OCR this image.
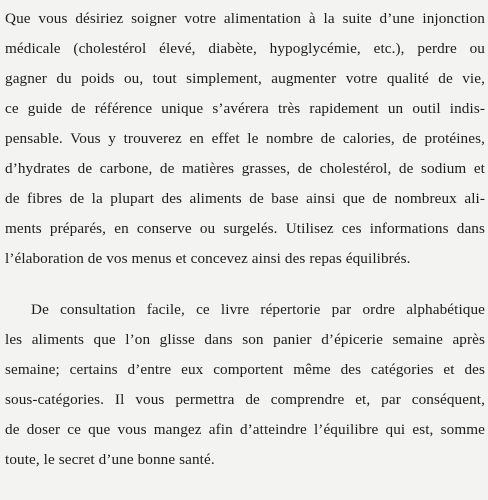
Que vous désiriez soigner votre alimentation à la suite d’une injonction
médicale (cholestérol élevé, diabète, hypoglycémie, etc.), perdre ou
gagner du poids ou, tout simplement, augmenter votre qualité de vie,
ce guide de référence unique s’avérera très rapidement un outil indis-
pensable. Vous y trouverez en effet le nombre de calories, de protéines,
d’hydrates de carbone, de matières grasses, de cholestérol, de sodium et
de fibres de la plupart des aliments de base ainsi que de nombreux ali-
ments préparés, en conserve ou surgelés. Utilisez ces informations dans
l’élaboration de vos menus et concevez ainsi des repas équilibrés.
De consultation facile, ce livre répertorie par ordre alphabétique
les aliments que l’on glisse dans son panier d’épicerie semaine après
semaine; certains d’entre eux comportent même des catégories et des
sous-catégories. Il vous permettra de comprendre et, par conséquent,
de doser ce que vous mangez afin d’atteindre l’équilibre qui est, somme
toute, le secret d’une bonne santé.
